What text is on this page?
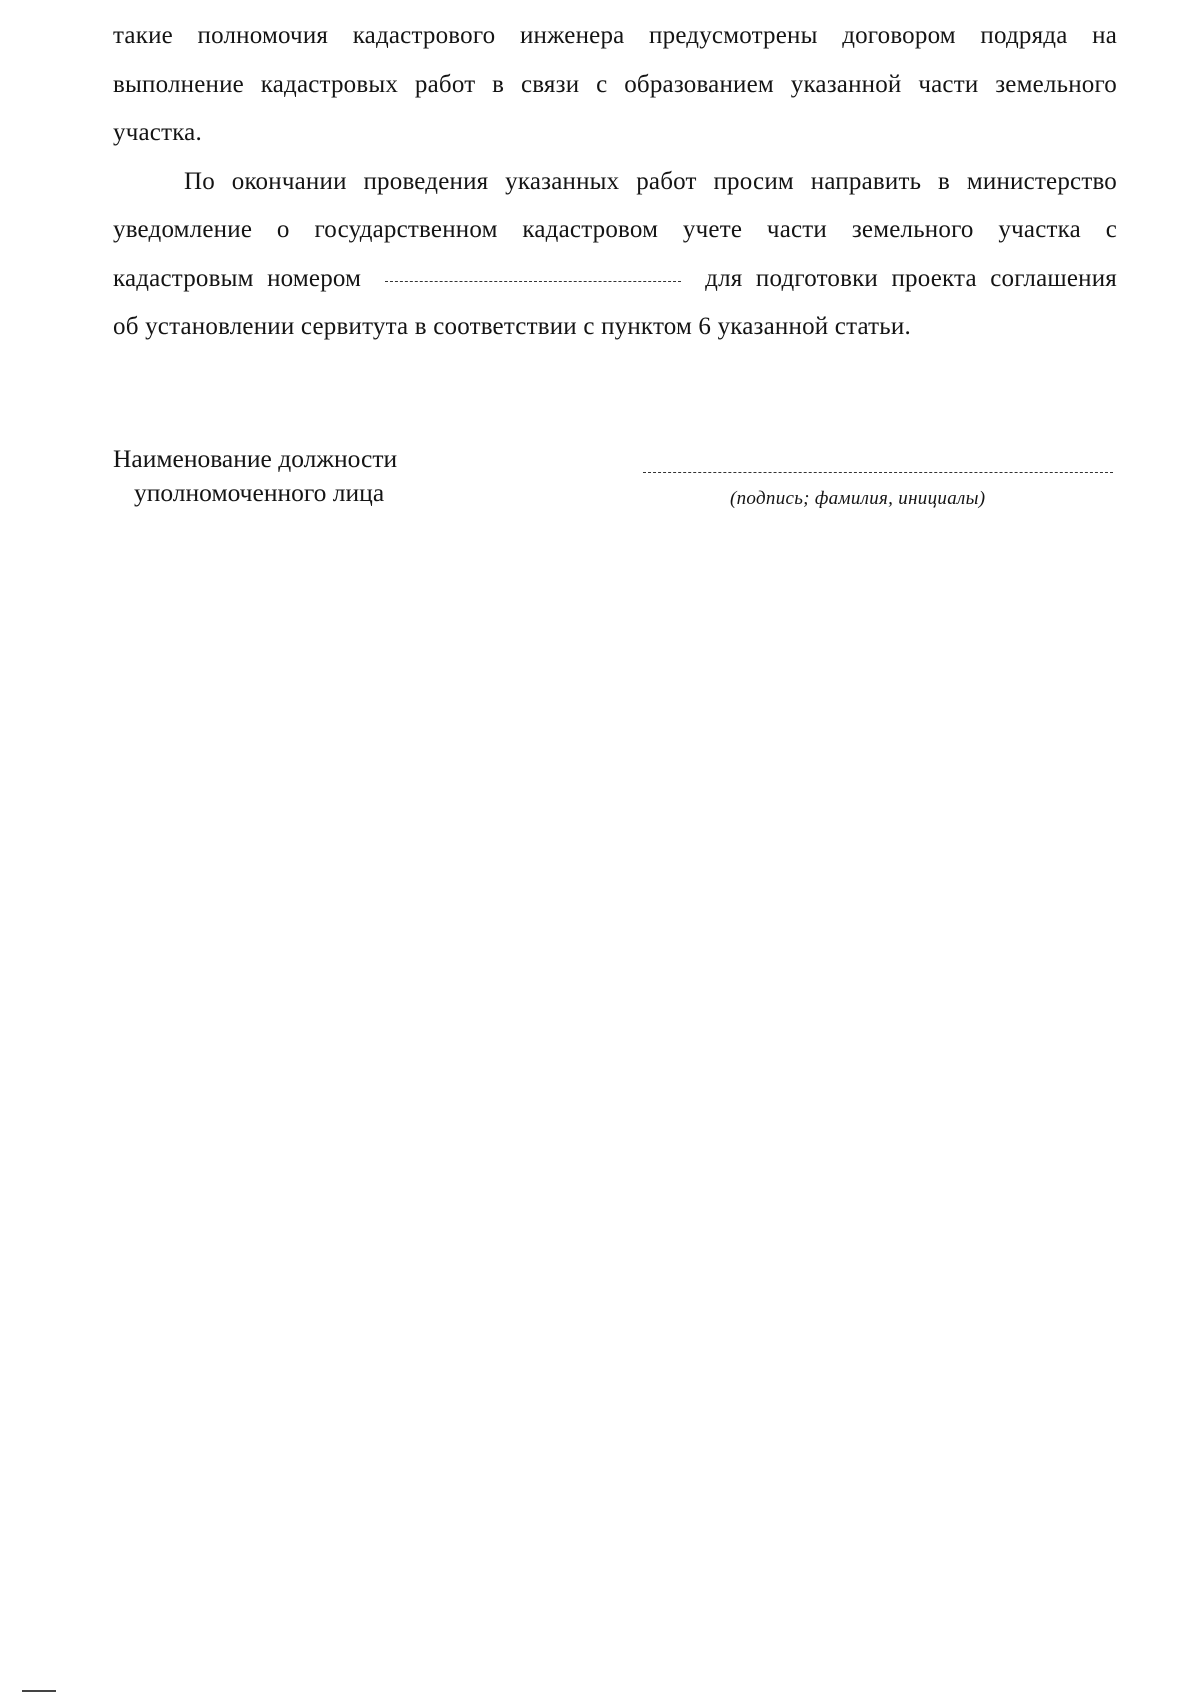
такие полномочия кадастрового инженера предусмотрены договором подряда на выполнение кадастровых работ в связи с образованием указанной части земельного участка.

По окончании проведения указанных работ просим направить в министерство уведомление о государственном кадастровом учете части земельного участка с кадастровым номером	для подготовки проекта соглашения об установлении сервитута в соответствии с пунктом 6 указанной статьи.

Наименование должности
уполномоченного лица	(подпись; фамилия, инициалы)
